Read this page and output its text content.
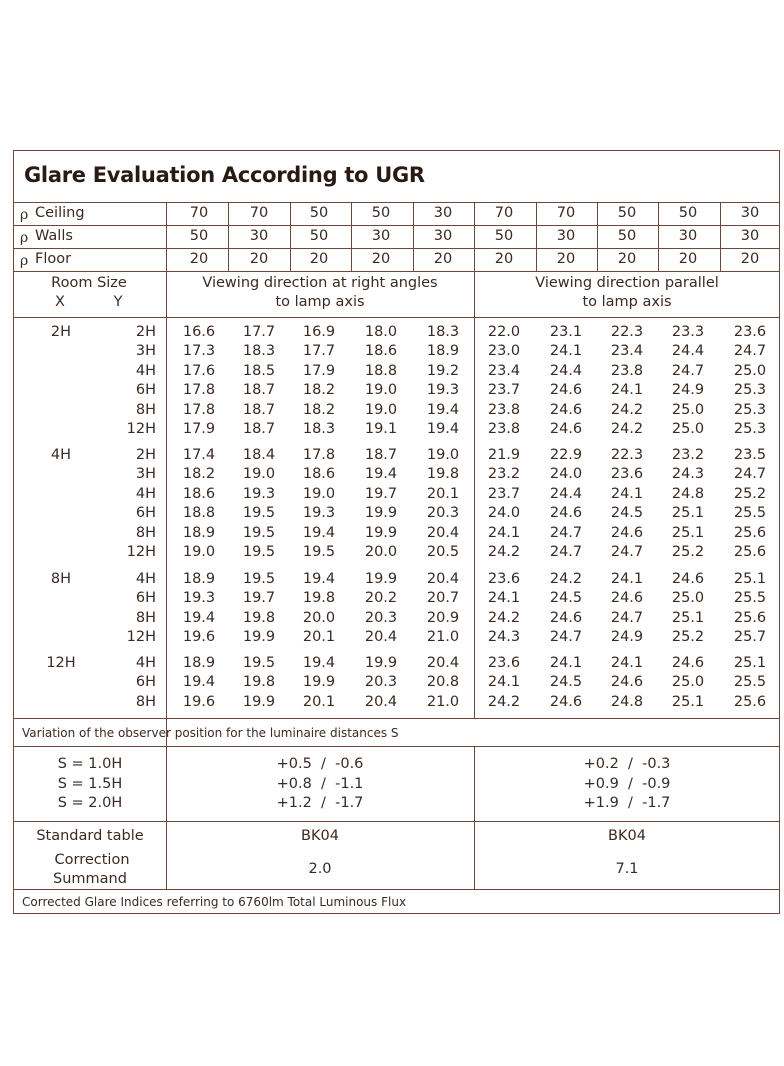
Glare Evaluation According to UGR
ρ Ceiling	70	70	50	50	30	70	70	50	50	30
ρ Walls	50	30	50	30	30	50	30	50	30	30
ρ Floor	20	20	20	20	20	20	20	20	20	20
Room Size
X	Y
Viewing direction at right angles
to lamp axis
Viewing direction parallel
to lamp axis
2H	2H 16.6 17.7 16.9 18.0 18.3 22.0 23.1 22.3 23.3 23.6
3H 17.3 18.3 17.7 18.6 18.9 23.0 24.1 23.4 24.4 24.7
4H 17.6 18.5 17.9 18.8 19.2 23.4 24.4 23.8 24.7 25.0
6H 17.8 18.7 18.2 19.0 19.3 23.7 24.6 24.1 24.9 25.3
8H 17.8 18.7 18.2 19.0 19.4 23.8 24.6 24.2 25.0 25.3
12H 17.9 18.7 18.3 19.1 19.4 23.8 24.6 24.2 25.0 25.3
4H	2H 17.4 18.4 17.8 18.7 19.0 21.9 22.9 22.3 23.2 23.5
3H 18.2 19.0 18.6 19.4 19.8 23.2 24.0 23.6 24.3 24.7
4H 18.6 19.3 19.0 19.7 20.1 23.7 24.4 24.1 24.8 25.2
6H 18.8 19.5 19.3 19.9 20.3 24.0 24.6 24.5 25.1 25.5
8H 18.9 19.5 19.4 19.9 20.4 24.1 24.7 24.6 25.1 25.6
12H 19.0 19.5 19.5 20.0 20.5 24.2 24.7 24.7 25.2 25.6
8H	4H 18.9 19.5 19.4 19.9 20.4 23.6 24.2 24.1 24.6 25.1
6H 19.3 19.7 19.8 20.2 20.7 24.1 24.5 24.6 25.0 25.5
8H 19.4 19.8 20.0 20.3 20.9 24.2 24.6 24.7 25.1 25.6
12H 19.6 19.9 20.1 20.4 21.0 24.3 24.7 24.9 25.2 25.7
12H	4H 18.9 19.5 19.4 19.9 20.4 23.6 24.1 24.1 24.6 25.1
6H 19.4 19.8 19.9 20.3 20.8 24.1 24.5 24.6 25.0 25.5
8H 19.6 19.9 20.1 20.4 21.0 24.2 24.6 24.8 25.1 25.6
Variation of the observer position for the luminaire distances S
S = 1.0H	+0.5  /  -0.6	+0.2  /  -0.3
S = 1.5H	+0.8  /  -1.1	+0.9  /  -0.9
S = 2.0H	+1.2  /  -1.7	+1.9  /  -1.7
Standard table	BK04	BK04
Correction
Summand
2.0	7.1
Corrected Glare Indices referring to 6760lm Total Luminous Flux
